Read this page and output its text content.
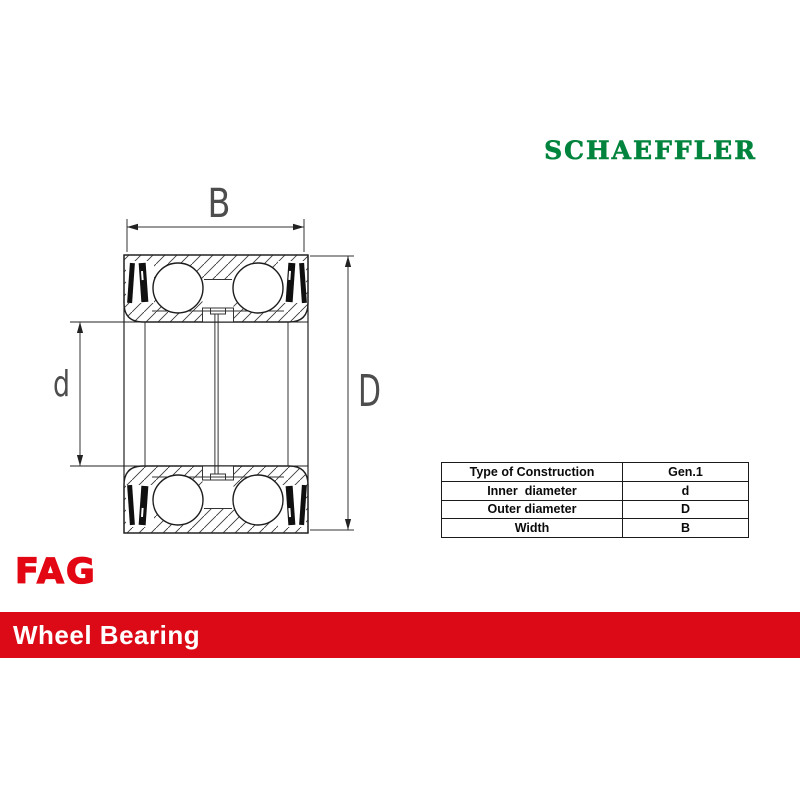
B
d	D
SCHAEFFLER
Type of Construction	Gen.1
Inner  diameter	d
Outer diameter	D
Width	B
FAG
Wheel Bearing
